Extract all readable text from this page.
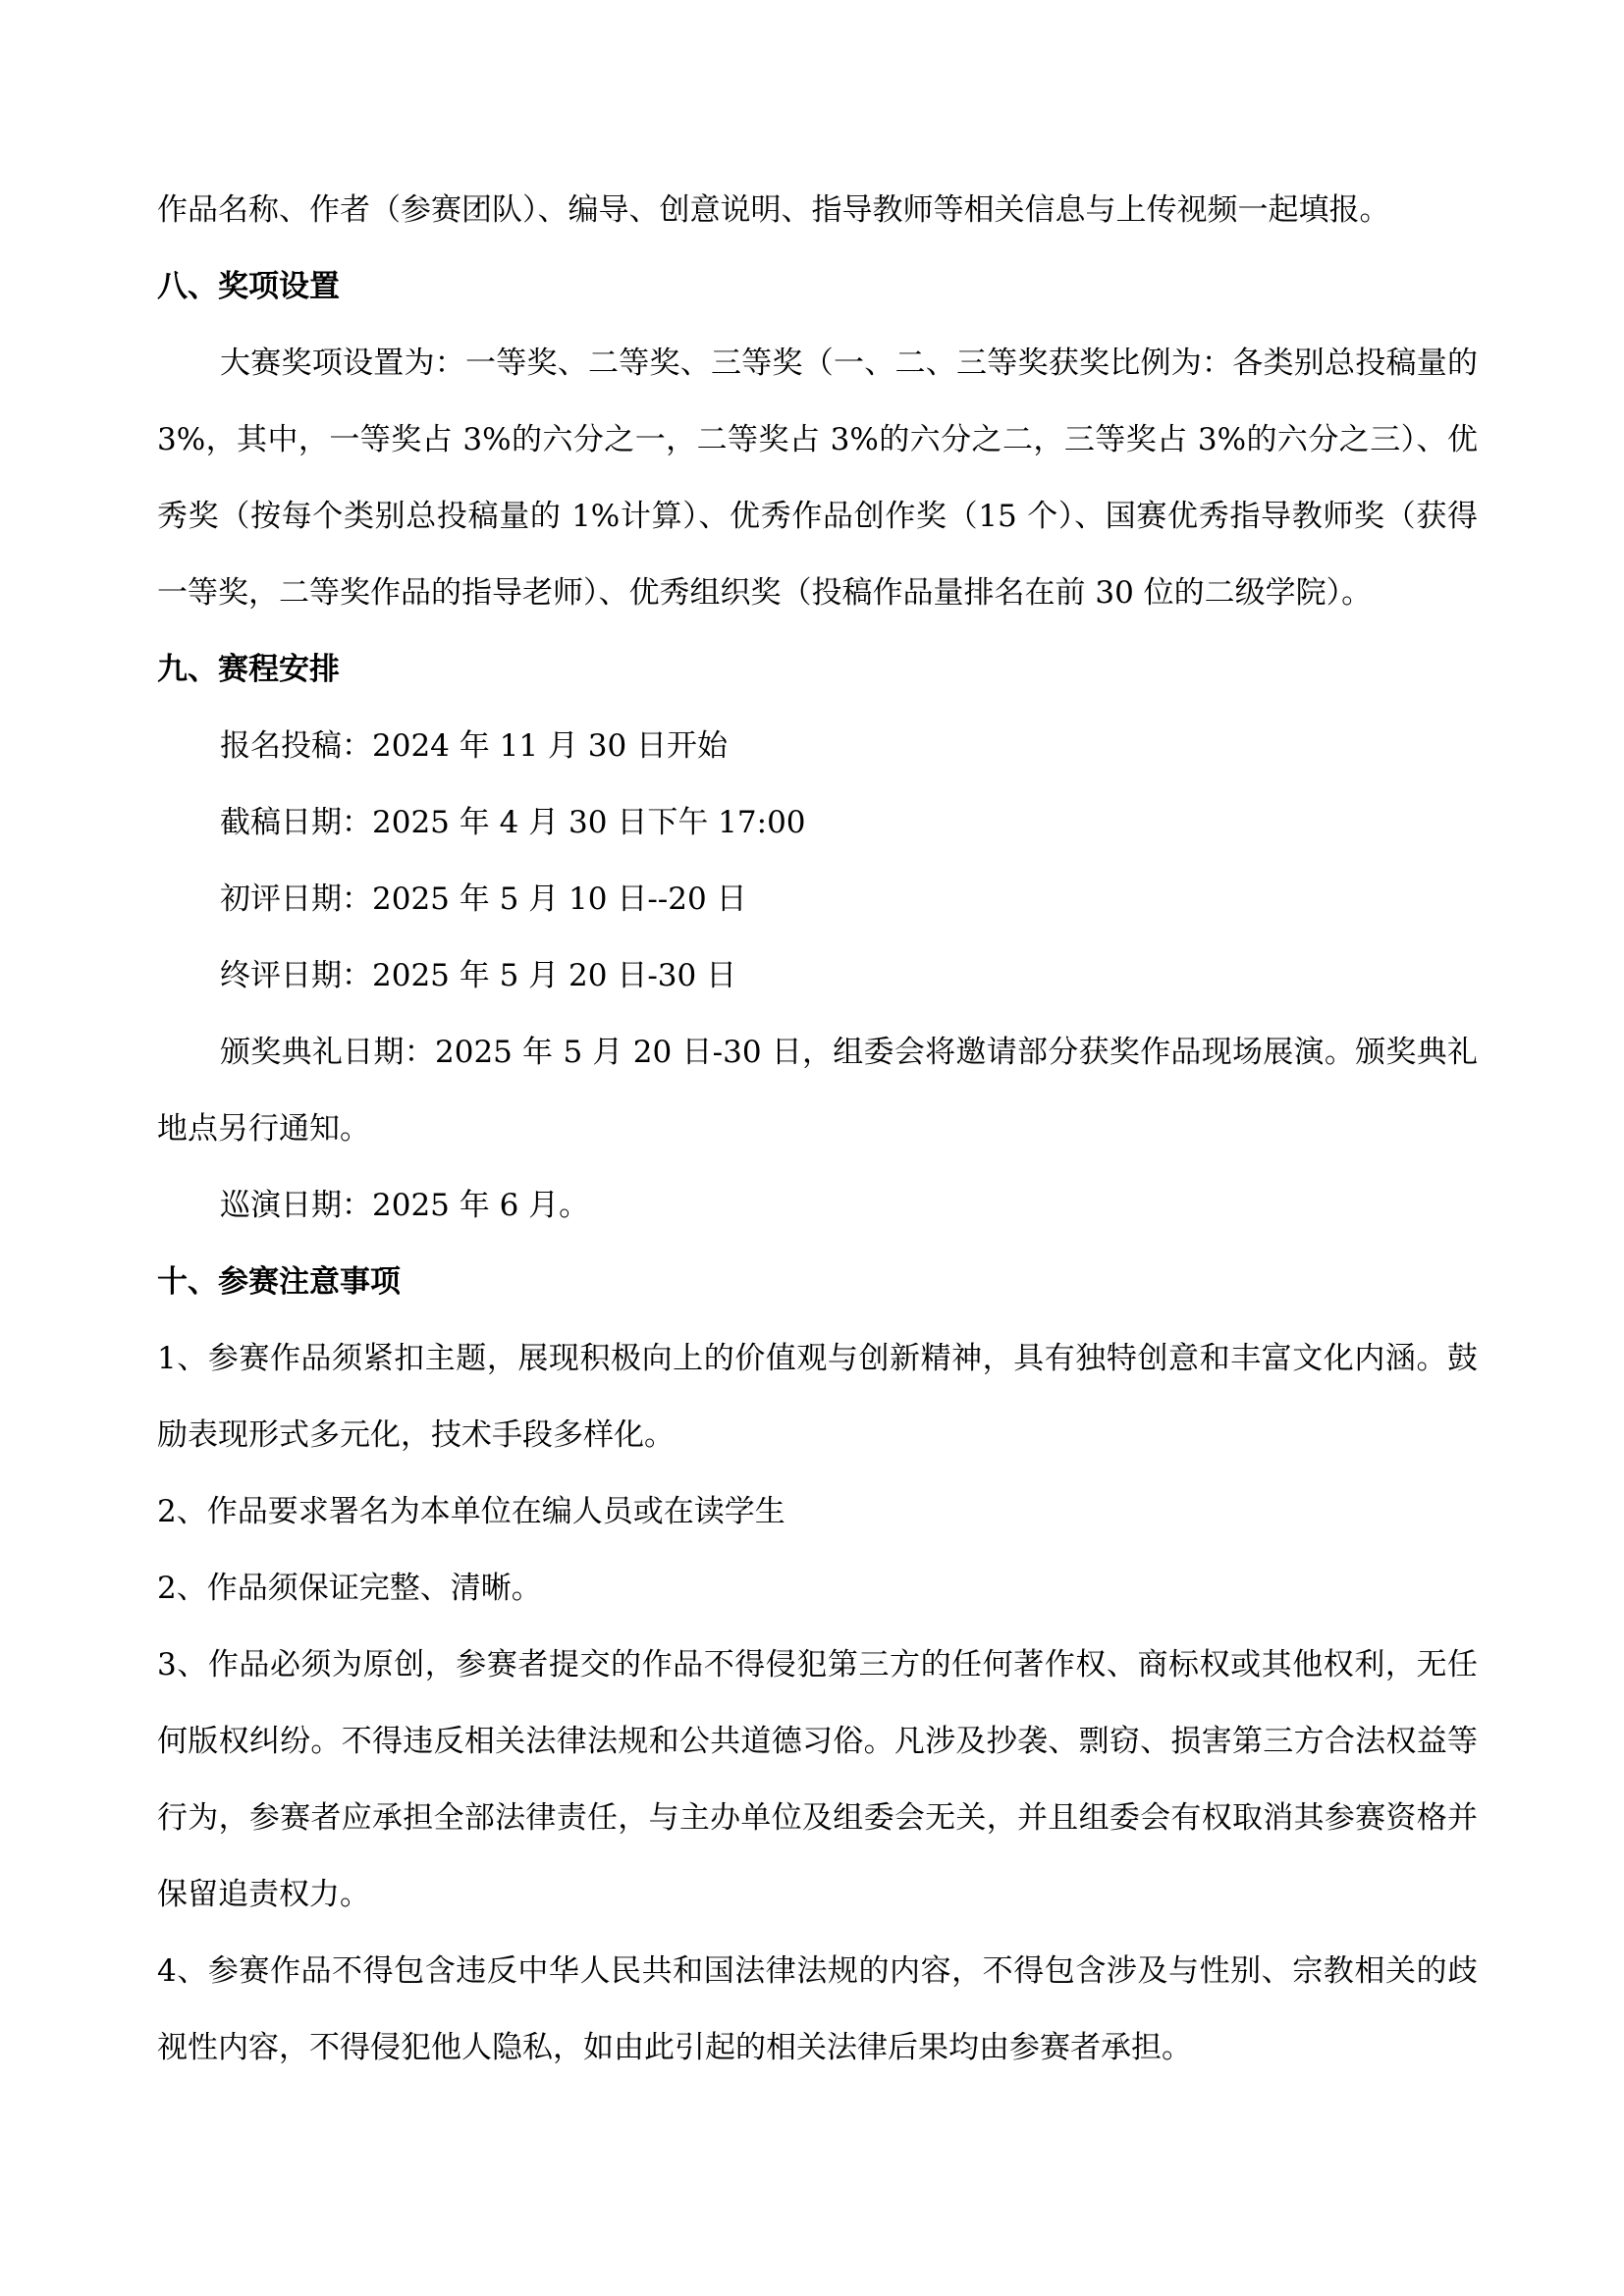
作品名称、作者（参赛团队）、编导、创意说明、指导教师等相关信息与上传视频一起填报。

八、奖项设置

大赛奖项设置为：一等奖、二等奖、三等奖（一、二、三等奖获奖比例为：各类别总投稿量的 3%，其中，一等奖占 3%的六分之一，二等奖占 3%的六分之二，三等奖占 3%的六分之三）、优秀奖（按每个类别总投稿量的 1%计算）、优秀作品创作奖（15 个）、国赛优秀指导教师奖（获得一等奖，二等奖作品的指导老师）、优秀组织奖（投稿作品量排名在前 30 位的二级学院）。

九、赛程安排

报名投稿：2024 年 11 月 30 日开始

截稿日期：2025 年 4 月 30 日下午 17:00

初评日期：2025 年 5 月 10 日--20 日

终评日期：2025 年 5 月 20 日-30 日

颁奖典礼日期：2025 年 5 月 20 日-30 日，组委会将邀请部分获奖作品现场展演。颁奖典礼地点另行通知。

巡演日期：2025 年 6 月。

十、参赛注意事项

1、参赛作品须紧扣主题，展现积极向上的价值观与创新精神，具有独特创意和丰富文化内涵。鼓励表现形式多元化，技术手段多样化。

2、作品要求署名为本单位在编人员或在读学生

2、作品须保证完整、清晰。

3、作品必须为原创，参赛者提交的作品不得侵犯第三方的任何著作权、商标权或其他权利，无任何版权纠纷。不得违反相关法律法规和公共道德习俗。凡涉及抄袭、剽窃、损害第三方合法权益等行为，参赛者应承担全部法律责任，与主办单位及组委会无关，并且组委会有权取消其参赛资格并保留追责权力。

4、参赛作品不得包含违反中华人民共和国法律法规的内容，不得包含涉及与性别、宗教相关的歧视性内容，不得侵犯他人隐私，如由此引起的相关法律后果均由参赛者承担。
